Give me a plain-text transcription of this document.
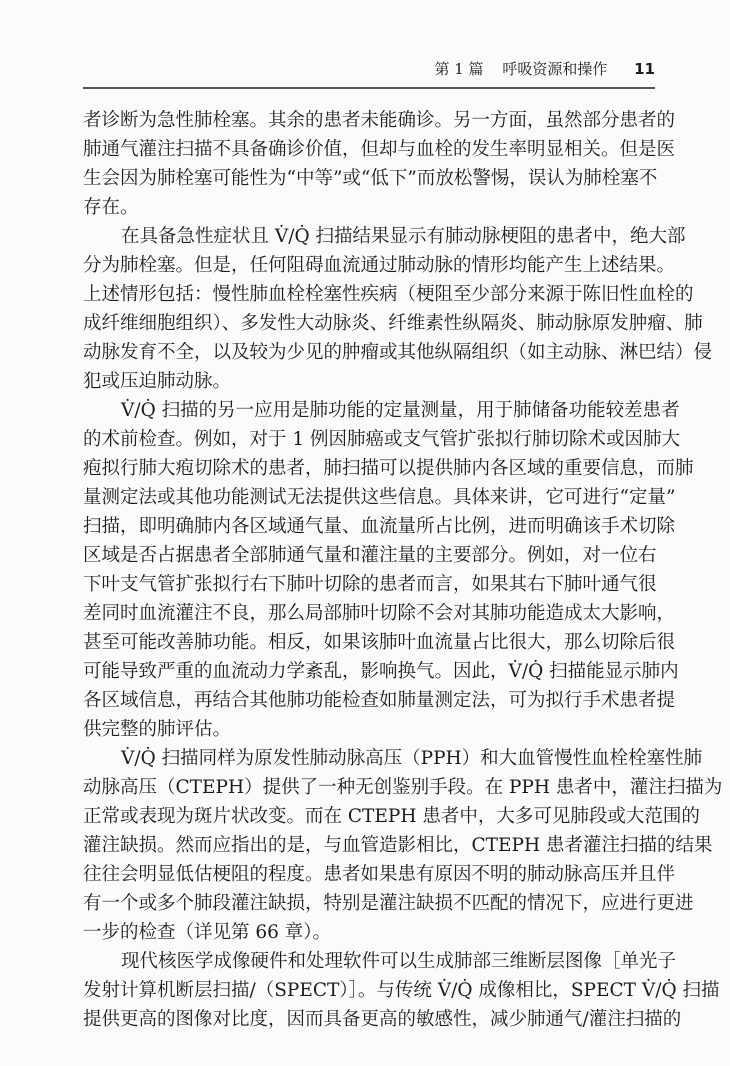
第 1 篇 呼吸资源和操作 11
者诊断为急性肺栓塞。其余的患者未能确诊。另一方面，虽然部分患者的
肺通气灌注扫描不具备确诊价值，但却与血栓的发生率明显相关。但是医
生会因为肺栓塞可能性为“中等”或“低下”而放松警惕，误认为肺栓塞不
存在。
在具备急性症状且 V̇/Q̇ 扫描结果显示有肺动脉梗阻的患者中，绝大部
分为肺栓塞。但是，任何阻碍血流通过肺动脉的情形均能产生上述结果。
上述情形包括：慢性肺血栓栓塞性疾病（梗阻至少部分来源于陈旧性血栓的
成纤维细胞组织）、多发性大动脉炎、纤维素性纵隔炎、肺动脉原发肿瘤、肺
动脉发育不全，以及较为少见的肿瘤或其他纵隔组织（如主动脉、淋巴结）侵
犯或压迫肺动脉。
V̇/Q̇ 扫描的另一应用是肺功能的定量测量，用于肺储备功能较差患者
的术前检查。例如，对于 1 例因肺癌或支气管扩张拟行肺切除术或因肺大
疱拟行肺大疱切除术的患者，肺扫描可以提供肺内各区域的重要信息，而肺
量测定法或其他功能测试无法提供这些信息。具体来讲，它可进行“定量”
扫描，即明确肺内各区域通气量、血流量所占比例，进而明确该手术切除
区域是否占据患者全部肺通气量和灌注量的主要部分。例如，对一位右
下叶支气管扩张拟行右下肺叶切除的患者而言，如果其右下肺叶通气很
差同时血流灌注不良，那么局部肺叶切除不会对其肺功能造成太大影响，
甚至可能改善肺功能。相反，如果该肺叶血流量占比很大，那么切除后很
可能导致严重的血流动力学紊乱，影响换气。因此，V̇/Q̇ 扫描能显示肺内
各区域信息，再结合其他肺功能检查如肺量测定法，可为拟行手术患者提
供完整的肺评估。
V̇/Q̇ 扫描同样为原发性肺动脉高压（PPH）和大血管慢性血栓栓塞性肺
动脉高压（CTEPH）提供了一种无创鉴别手段。在 PPH 患者中，灌注扫描为
正常或表现为斑片状改变。而在 CTEPH 患者中，大多可见肺段或大范围的
灌注缺损。然而应指出的是，与血管造影相比，CTEPH 患者灌注扫描的结果
往往会明显低估梗阻的程度。患者如果患有原因不明的肺动脉高压并且伴
有一个或多个肺段灌注缺损，特别是灌注缺损不匹配的情况下，应进行更进
一步的检查（详见第 66 章）。
现代核医学成像硬件和处理软件可以生成肺部三维断层图像［单光子
发射计算机断层扫描/（SPECT）］。与传统 V̇/Q̇ 成像相比，SPECT V̇/Q̇ 扫描
提供更高的图像对比度，因而具备更高的敏感性，减少肺通气/灌注扫描的
